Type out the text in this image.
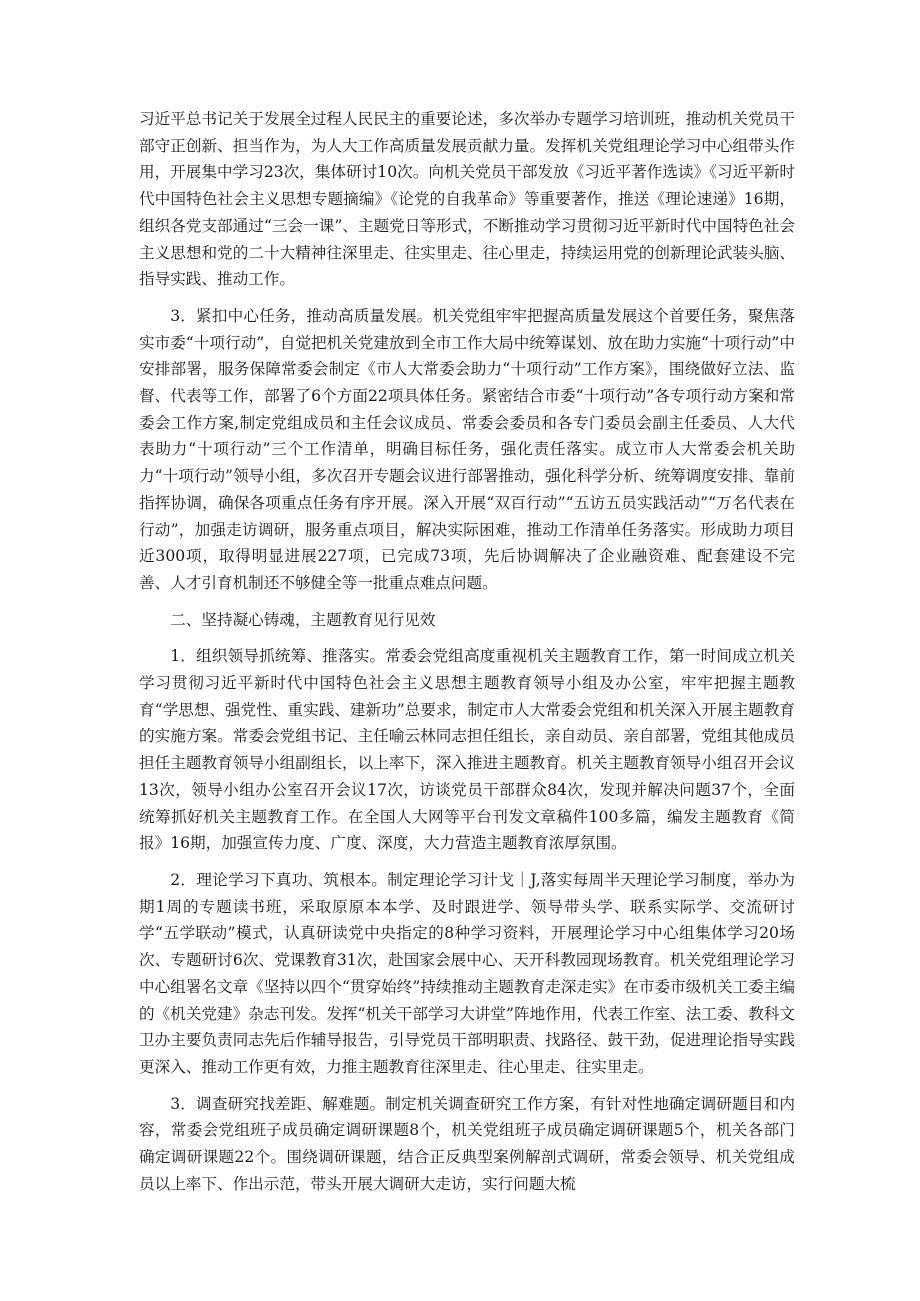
习近平总书记关于发展全过程人民民主的重要论述，多次举办专题学习培训班，推动机关党员干部守正创新、担当作为，为人大工作高质量发展贡献力量。发挥机关党组理论学习中心组带头作用，开展集中学习23次，集体研讨10次。向机关党员干部发放《习近平著作选读》《习近平新时代中国特色社会主义思想专题摘编》《论党的自我革命》等重要著作，推送《理论速递》16期，组织各党支部通过“三会一课”、主题党日等形式，不断推动学习贯彻习近平新时代中国特色社会主义思想和党的二十大精神往深里走、往实里走、往心里走，持续运用党的创新理论武装头脑、指导实践、推动工作。

3．紧扣中心任务，推动高质量发展。机关党组牢牢把握高质量发展这个首要任务，聚焦落实市委“十项行动”，自觉把机关党建放到全市工作大局中统筹谋划、放在助力实施“十项行动”中安排部署，服务保障常委会制定《市人大常委会助力“十项行动”工作方案》，围绕做好立法、监督、代表等工作，部署了6个方面22项具体任务。紧密结合市委“十项行动”各专项行动方案和常委会工作方案,制定党组成员和主任会议成员、常委会委员和各专门委员会副主任委员、人大代表助力“十项行动”三个工作清单，明确目标任务，强化责任落实。成立市人大常委会机关助力“十项行动”领导小组，多次召开专题会议进行部署推动，强化科学分析、统筹调度安排、靠前指挥协调，确保各项重点任务有序开展。深入开展“双百行动”“五访五员实践活动”“万名代表在行动”，加强走访调研，服务重点项目，解决实际困难，推动工作清单任务落实。形成助力项目近300项，取得明显进展227项，已完成73项，先后协调解决了企业融资难、配套建设不完善、人才引育机制还不够健全等一批重点难点问题。

二、坚持凝心铸魂，主题教育见行见效

1．组织领导抓统筹、推落实。常委会党组高度重视机关主题教育工作，第一时间成立机关学习贯彻习近平新时代中国特色社会主义思想主题教育领导小组及办公室，牢牢把握主题教育“学思想、强党性、重实践、建新功”总要求，制定市人大常委会党组和机关深入开展主题教育的实施方案。常委会党组书记、主任喻云林同志担任组长，亲自动员、亲自部署，党组其他成员担任主题教育领导小组副组长，以上率下，深入推进主题教育。机关主题教育领导小组召开会议13次，领导小组办公室召开会议17次，访谈党员干部群众84次，发现并解决问题37个，全面统筹抓好机关主题教育工作。在全国人大网等平台刊发文章稿件100多篇，编发主题教育《简报》16期，加强宣传力度、广度、深度，大力营造主题教育浓厚氛围。

2．理论学习下真功、筑根本。制定理论学习计戈｜J,落实每周半天理论学习制度，举办为期1周的专题读书班，采取原原本本学、及时跟进学、领导带头学、联系实际学、交流研讨学“五学联动”模式，认真研读党中央指定的8种学习资料，开展理论学习中心组集体学习20场次、专题研讨6次、党课教育31次，赴国家会展中心、天开科教园现场教育。机关党组理论学习中心组署名文章《坚持以四个“贯穿始终”持续推动主题教育走深走实》在市委市级机关工委主编的《机关党建》杂志刊发。发挥“机关干部学习大讲堂”阵地作用，代表工作室、法工委、教科文卫办主要负责同志先后作辅导报告，引导党员干部明职责、找路径、鼓干劲，促进理论指导实践更深入、推动工作更有效，力推主题教育往深里走、往心里走、往实里走。

3．调查研究找差距、解难题。制定机关调查研究工作方案，有针对性地确定调研题目和内容，常委会党组班子成员确定调研课题8个，机关党组班子成员确定调研课题5个，机关各部门确定调研课题22个。围绕调研课题，结合正反典型案例解剖式调研，常委会领导、机关党组成员以上率下、作出示范，带头开展大调研大走访，实行问题大梳
